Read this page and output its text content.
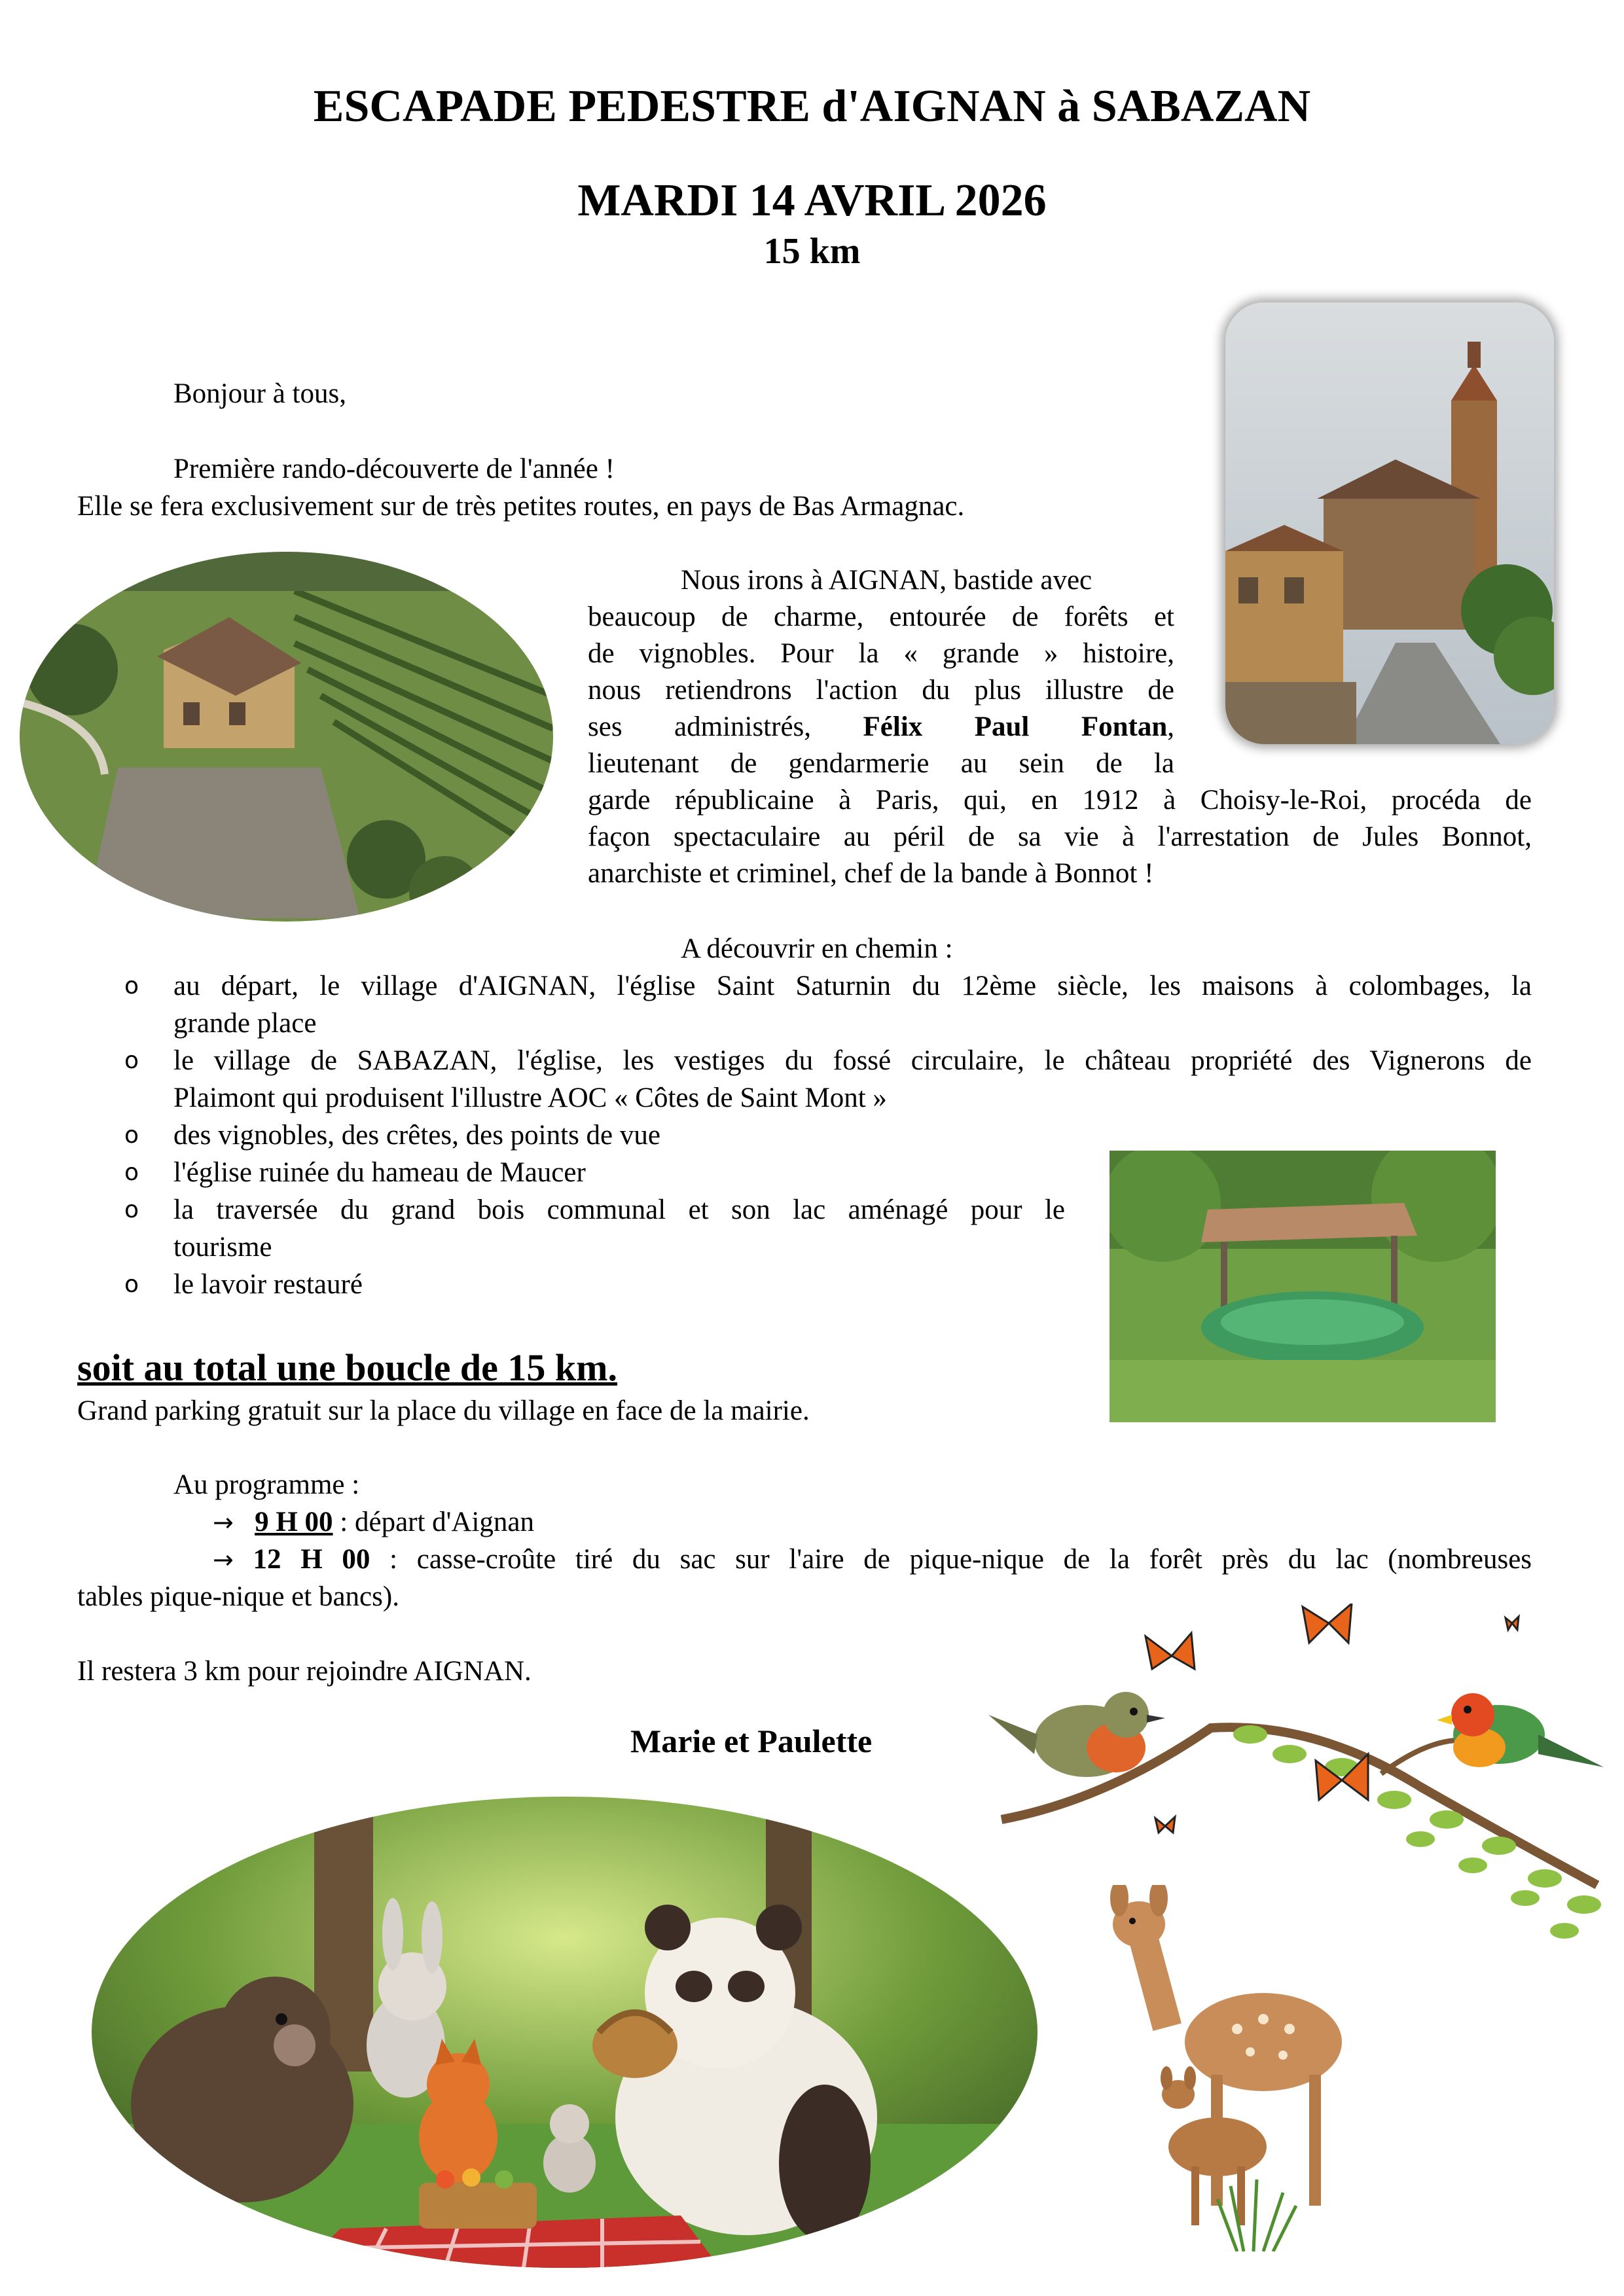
ESCAPADE PEDESTRE d'AIGNAN à SABAZAN
MARDI 14 AVRIL 2026
15 km
Bonjour à tous,
Première rando-découverte de l'année !
Elle se fera exclusivement sur de très petites routes, en pays de Bas Armagnac.
Nous irons à AIGNAN, bastide avec
beaucoup de charme, entourée de forêts et
de vignobles. Pour la « grande » histoire,
nous retiendrons l'action du plus illustre de
ses administrés, Félix Paul Fontan,
lieutenant de gendarmerie au sein de la
garde républicaine à Paris, qui, en 1912 à Choisy-le-Roi, procéda de
façon spectaculaire au péril de sa vie à l'arrestation de Jules Bonnot,
anarchiste et criminel, chef de la bande à Bonnot !
A découvrir en chemin :
o au départ, le village d'AIGNAN, l'église Saint Saturnin du 12ème siècle, les maisons à colombages, la
grande place
o le village de SABAZAN, l'église, les vestiges du fossé circulaire, le château propriété des Vignerons de
Plaimont qui produisent l'illustre AOC « Côtes de Saint Mont »
o des vignobles, des crêtes, des points de vue
o l'église ruinée du hameau de Maucer
o la traversée du grand bois communal et son lac aménagé pour le
tourisme
o le lavoir restauré
soit au total une boucle de 15 km.
Grand parking gratuit sur la place du village en face de la mairie.
Au programme :
→ 9 H 00 : départ d'Aignan
→ 12 H 00 : casse-croûte tiré du sac sur l'aire de pique-nique de la forêt près du lac (nombreuses
tables pique-nique et bancs).
Il restera 3 km pour rejoindre AIGNAN.
Marie et Paulette
